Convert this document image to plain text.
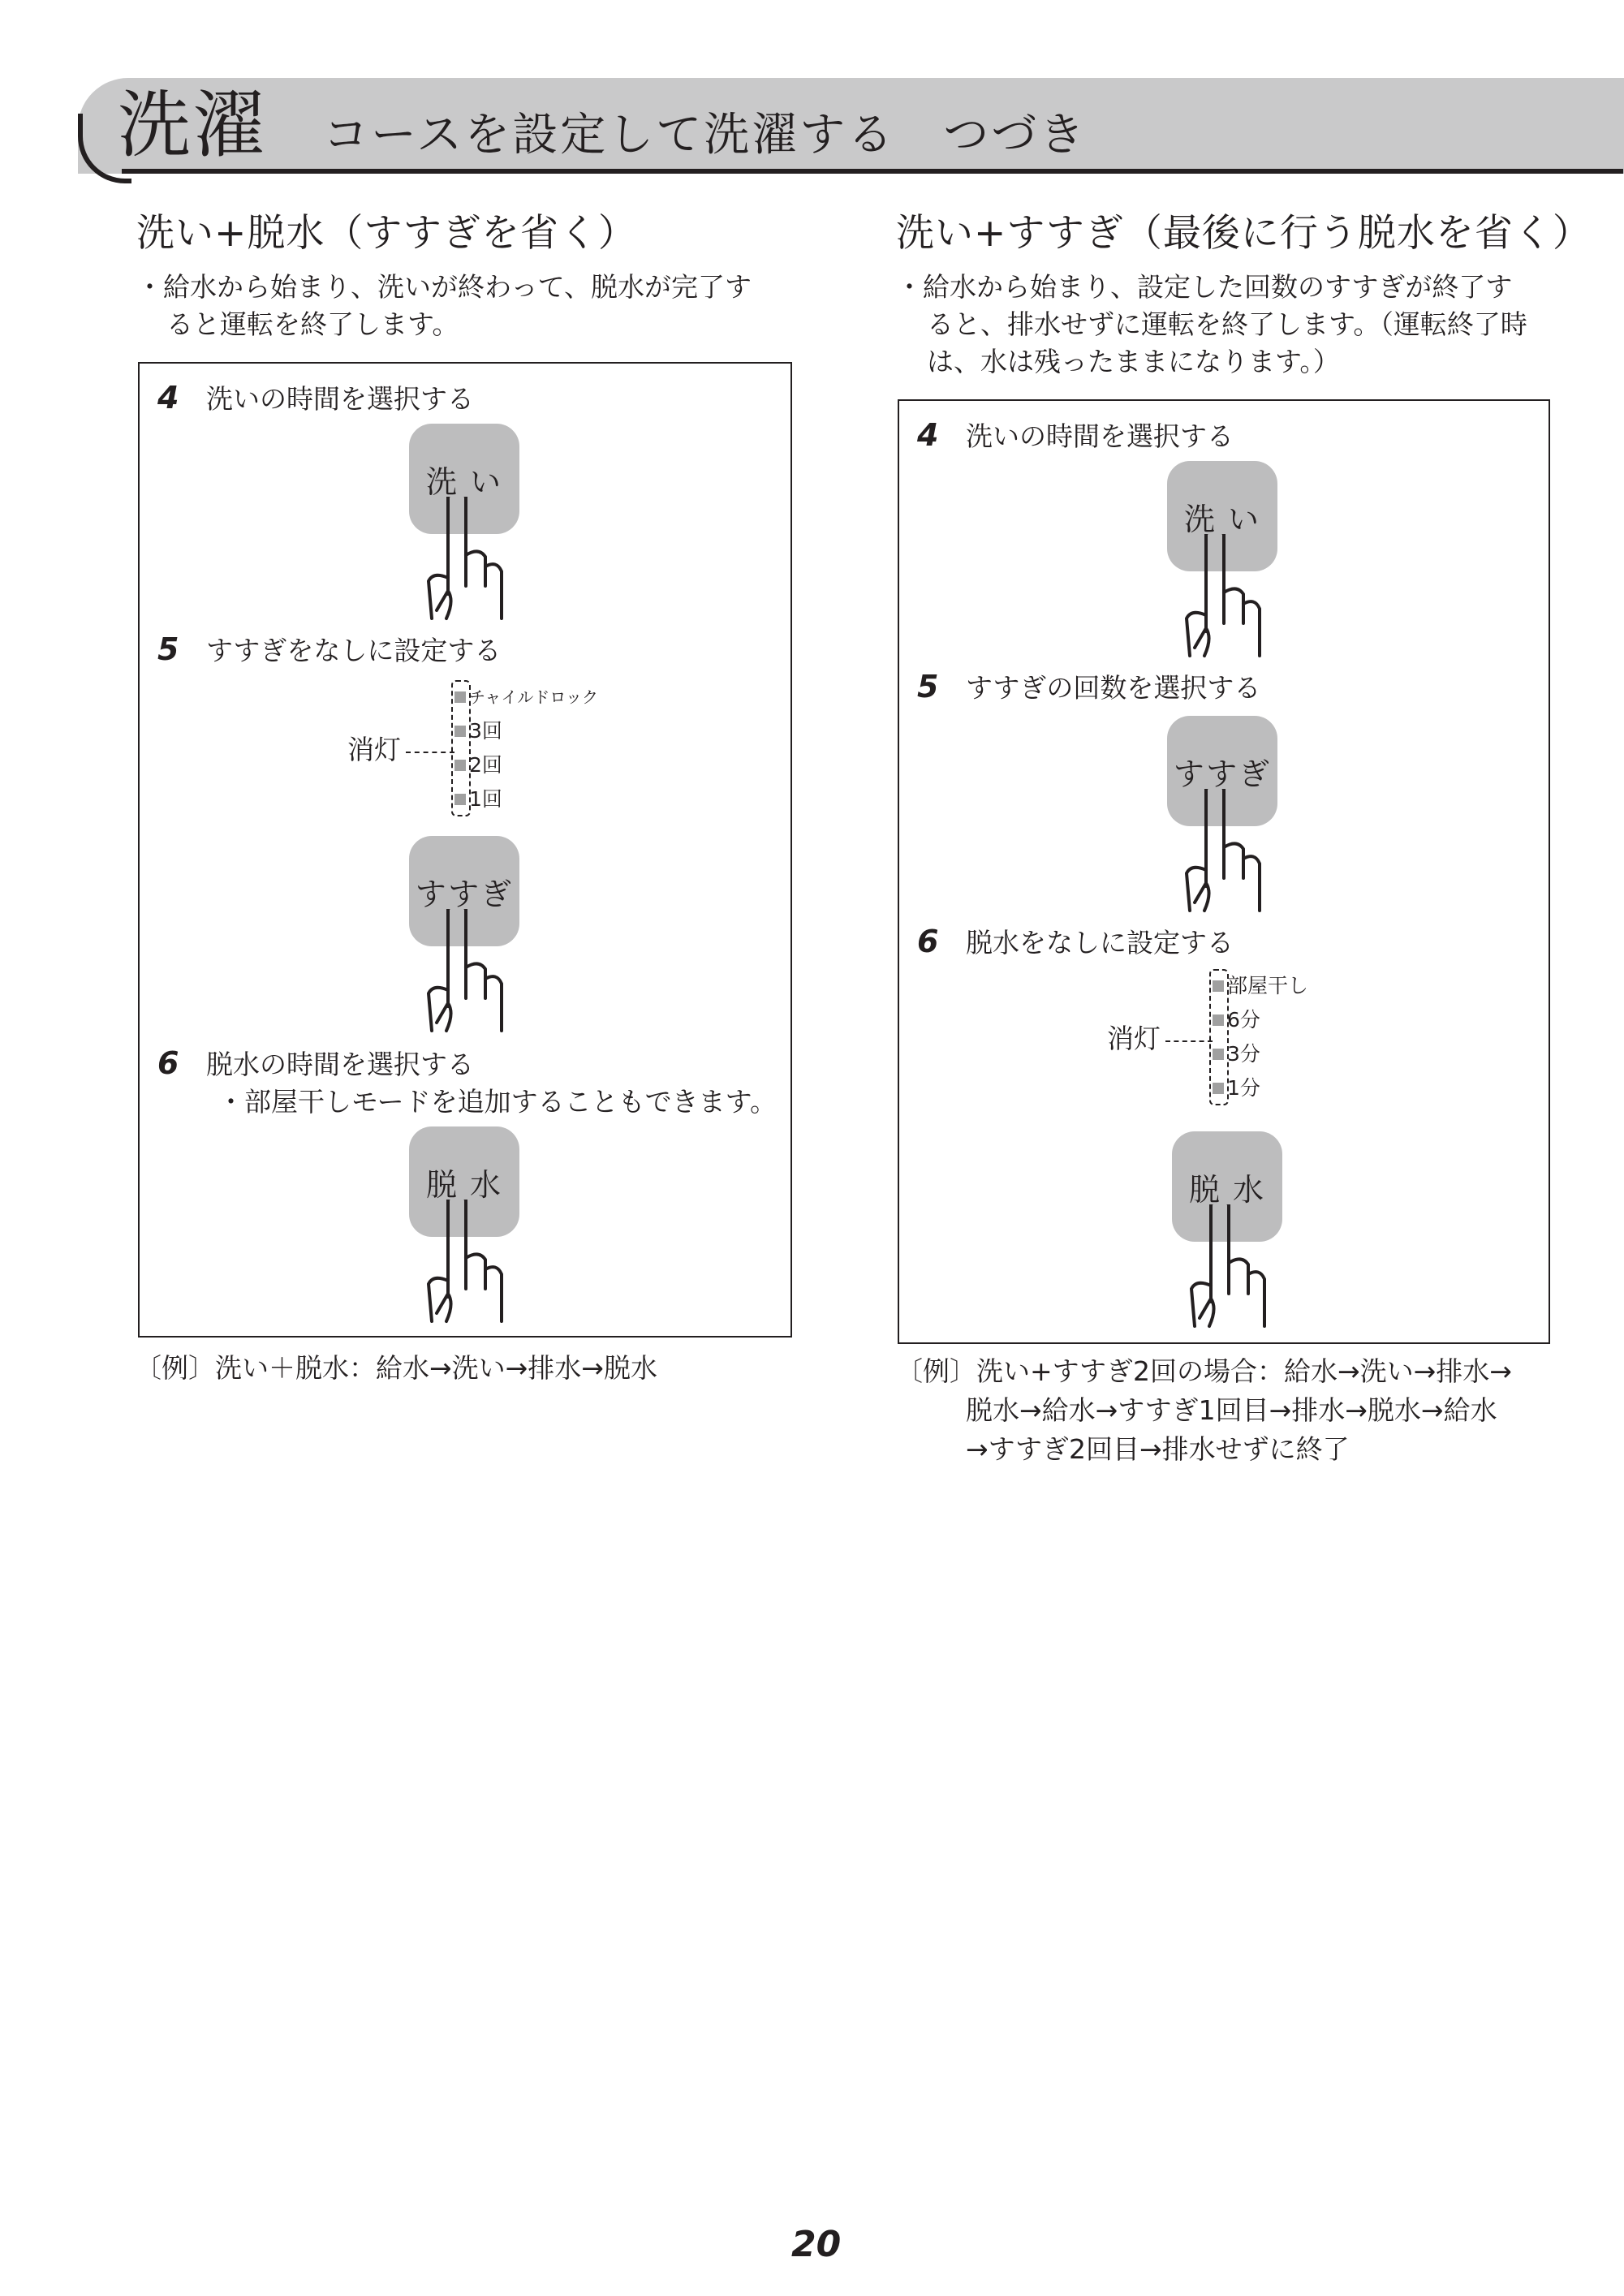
洗濯 コースを設定して洗濯する　つづき
洗い+脱水（すすぎを省く）
・給水から始まり、洗いが終わって、脱水が完了す
ると運転を終了します。
4 洗いの時間を選択する
洗 い
5 すすぎをなしに設定する
消灯
チャイルドロック
3回
2回
1回
すすぎ
6 脱水の時間を選択する
・部屋干しモードを追加することもできます。
脱 水
〔例〕洗い＋脱水：給水→洗い→排水→脱水
洗い+すすぎ（最後に行う脱水を省く）
・給水から始まり、設定した回数のすすぎが終了す
ると、排水せずに運転を終了します。（運転終了時
は、水は残ったままになります。）
4 洗いの時間を選択する
洗 い
5 すすぎの回数を選択する
すすぎ
6 脱水をなしに設定する
消灯
部屋干し
6分
3分
1分
脱 水
〔例〕洗い+すすぎ2回の場合：給水→洗い→排水→
脱水→給水→すすぎ1回目→排水→脱水→給水
→すすぎ2回目→排水せずに終了
20
